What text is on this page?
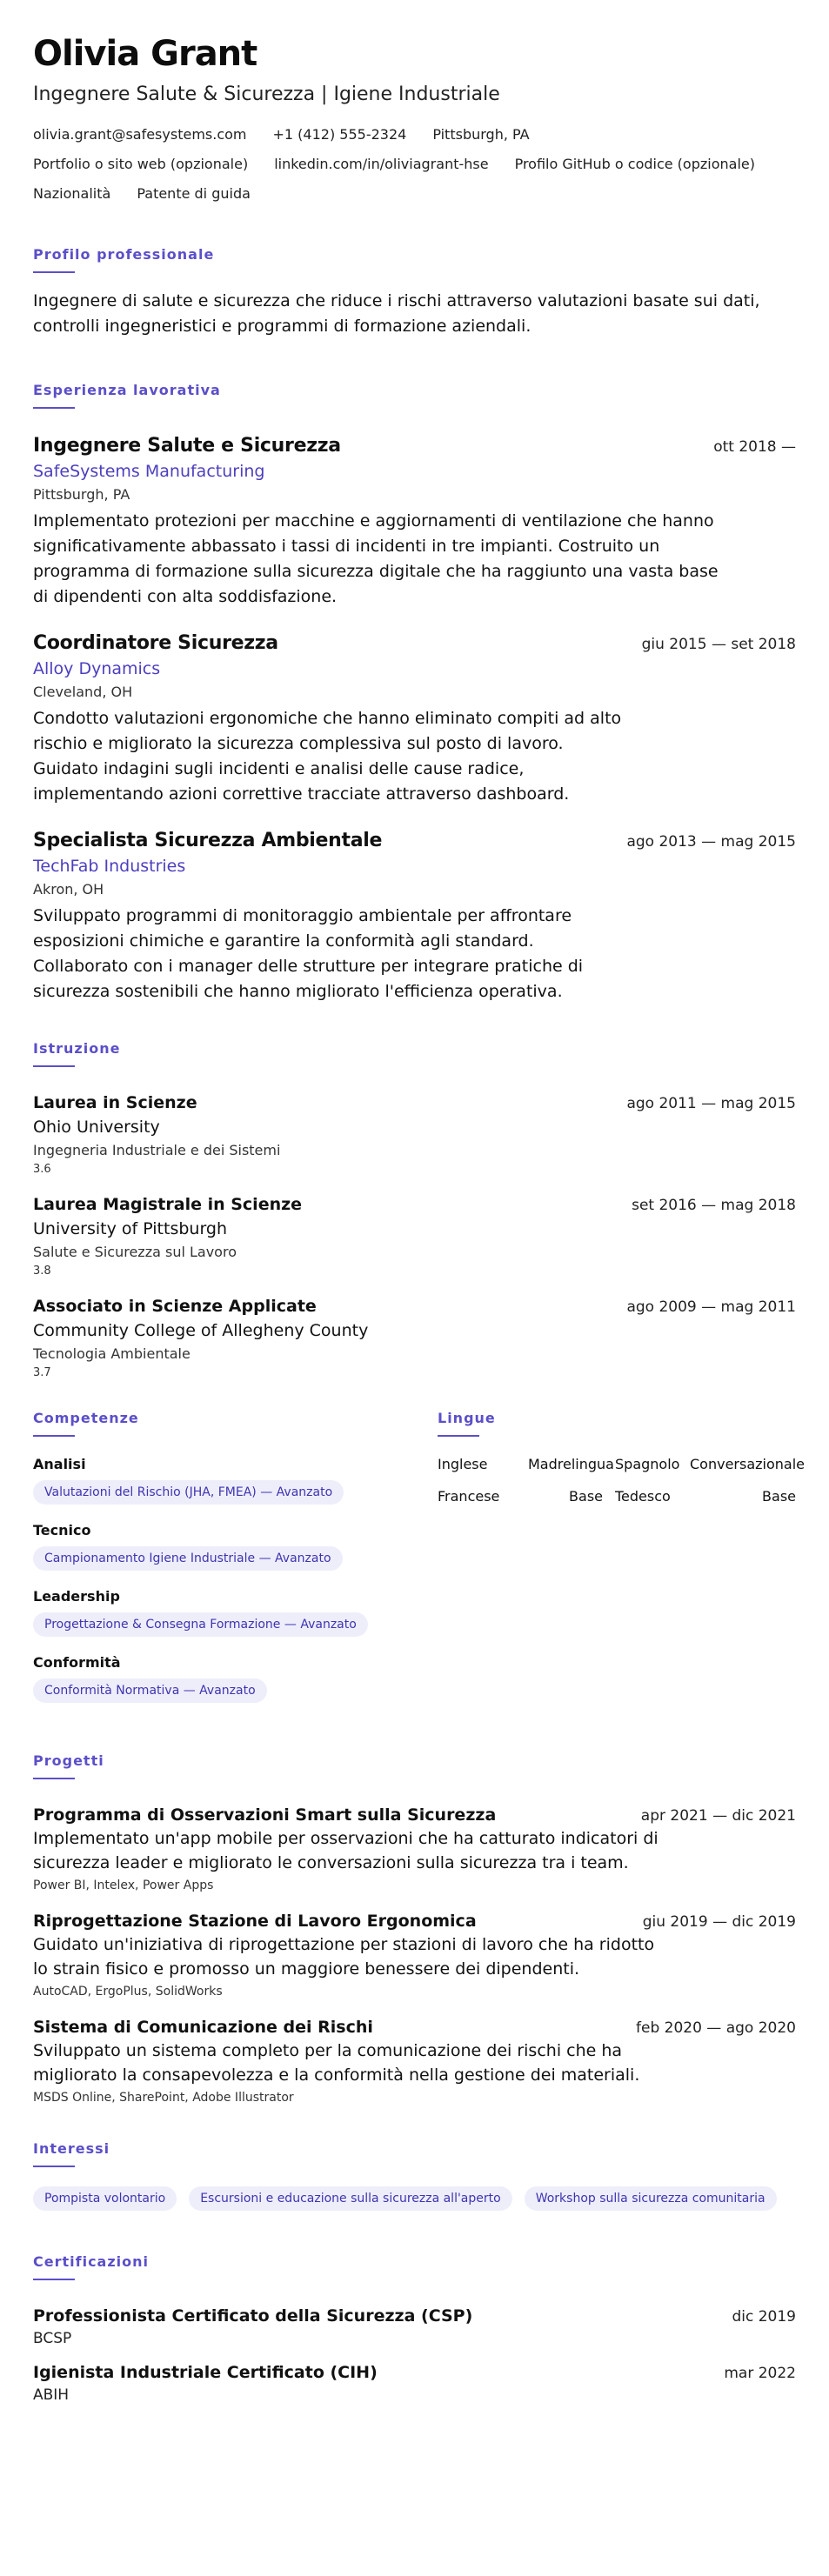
Olivia Grant
Ingegnere Salute & Sicurezza | Igiene Industriale
olivia.grant@safesystems.com +1 (412) 555-2324 Pittsburgh, PA
Portfolio o sito web (opzionale) linkedin.com/in/oliviagrant-hse Profilo GitHub o codice (opzionale)
Nazionalità Patente di guida
Profilo professionale
Ingegnere di salute e sicurezza che riduce i rischi attraverso valutazioni basate sui dati, controlli ingegneristici e programmi di formazione aziendali.
Esperienza lavorativa
Ingegnere Salute e Sicurezza	ott 2018 —
SafeSystems Manufacturing
Pittsburgh, PA
Implementato protezioni per macchine e aggiornamenti di ventilazione che hanno significativamente abbassato i tassi di incidenti in tre impianti. Costruito un programma di formazione sulla sicurezza digitale che ha raggiunto una vasta base di dipendenti con alta soddisfazione.
Coordinatore Sicurezza	giu 2015 — set 2018
Alloy Dynamics
Cleveland, OH
Condotto valutazioni ergonomiche che hanno eliminato compiti ad alto rischio e migliorato la sicurezza complessiva sul posto di lavoro. Guidato indagini sugli incidenti e analisi delle cause radice, implementando azioni correttive tracciate attraverso dashboard.
Specialista Sicurezza Ambientale	ago 2013 — mag 2015
TechFab Industries
Akron, OH
Sviluppato programmi di monitoraggio ambientale per affrontare esposizioni chimiche e garantire la conformità agli standard. Collaborato con i manager delle strutture per integrare pratiche di sicurezza sostenibili che hanno migliorato l'efficienza operativa.
Istruzione
Laurea in Scienze	ago 2011 — mag 2015
Ohio University
Ingegneria Industriale e dei Sistemi
3.6
Laurea Magistrale in Scienze	set 2016 — mag 2018
University of Pittsburgh
Salute e Sicurezza sul Lavoro
3.8
Associato in Scienze Applicate	ago 2009 — mag 2011
Community College of Allegheny County
Tecnologia Ambientale
3.7
Competenze
Analisi
Valutazioni del Rischio (JHA, FMEA) — Avanzato
Tecnico
Campionamento Igiene Industriale — Avanzato
Leadership
Progettazione & Consegna Formazione — Avanzato
Conformità
Conformità Normativa — Avanzato
Lingue
Inglese	Madrelingua Spagnolo Conversazionale
Francese	Base Tedesco	Base
Progetti
Programma di Osservazioni Smart sulla Sicurezza	apr 2021 — dic 2021
Implementato un'app mobile per osservazioni che ha catturato indicatori di sicurezza leader e migliorato le conversazioni sulla sicurezza tra i team.
Power BI, Intelex, Power Apps
Riprogettazione Stazione di Lavoro Ergonomica	giu 2019 — dic 2019
Guidato un'iniziativa di riprogettazione per stazioni di lavoro che ha ridotto lo strain fisico e promosso un maggiore benessere dei dipendenti.
AutoCAD, ErgoPlus, SolidWorks
Sistema di Comunicazione dei Rischi	feb 2020 — ago 2020
Sviluppato un sistema completo per la comunicazione dei rischi che ha migliorato la consapevolezza e la conformità nella gestione dei materiali.
MSDS Online, SharePoint, Adobe Illustrator
Interessi
Pompista volontario	Escursioni e educazione sulla sicurezza all'aperto	Workshop sulla sicurezza comunitaria
Certificazioni
Professionista Certificato della Sicurezza (CSP)	dic 2019
BCSP
Igienista Industriale Certificato (CIH)	mar 2022
ABIH
